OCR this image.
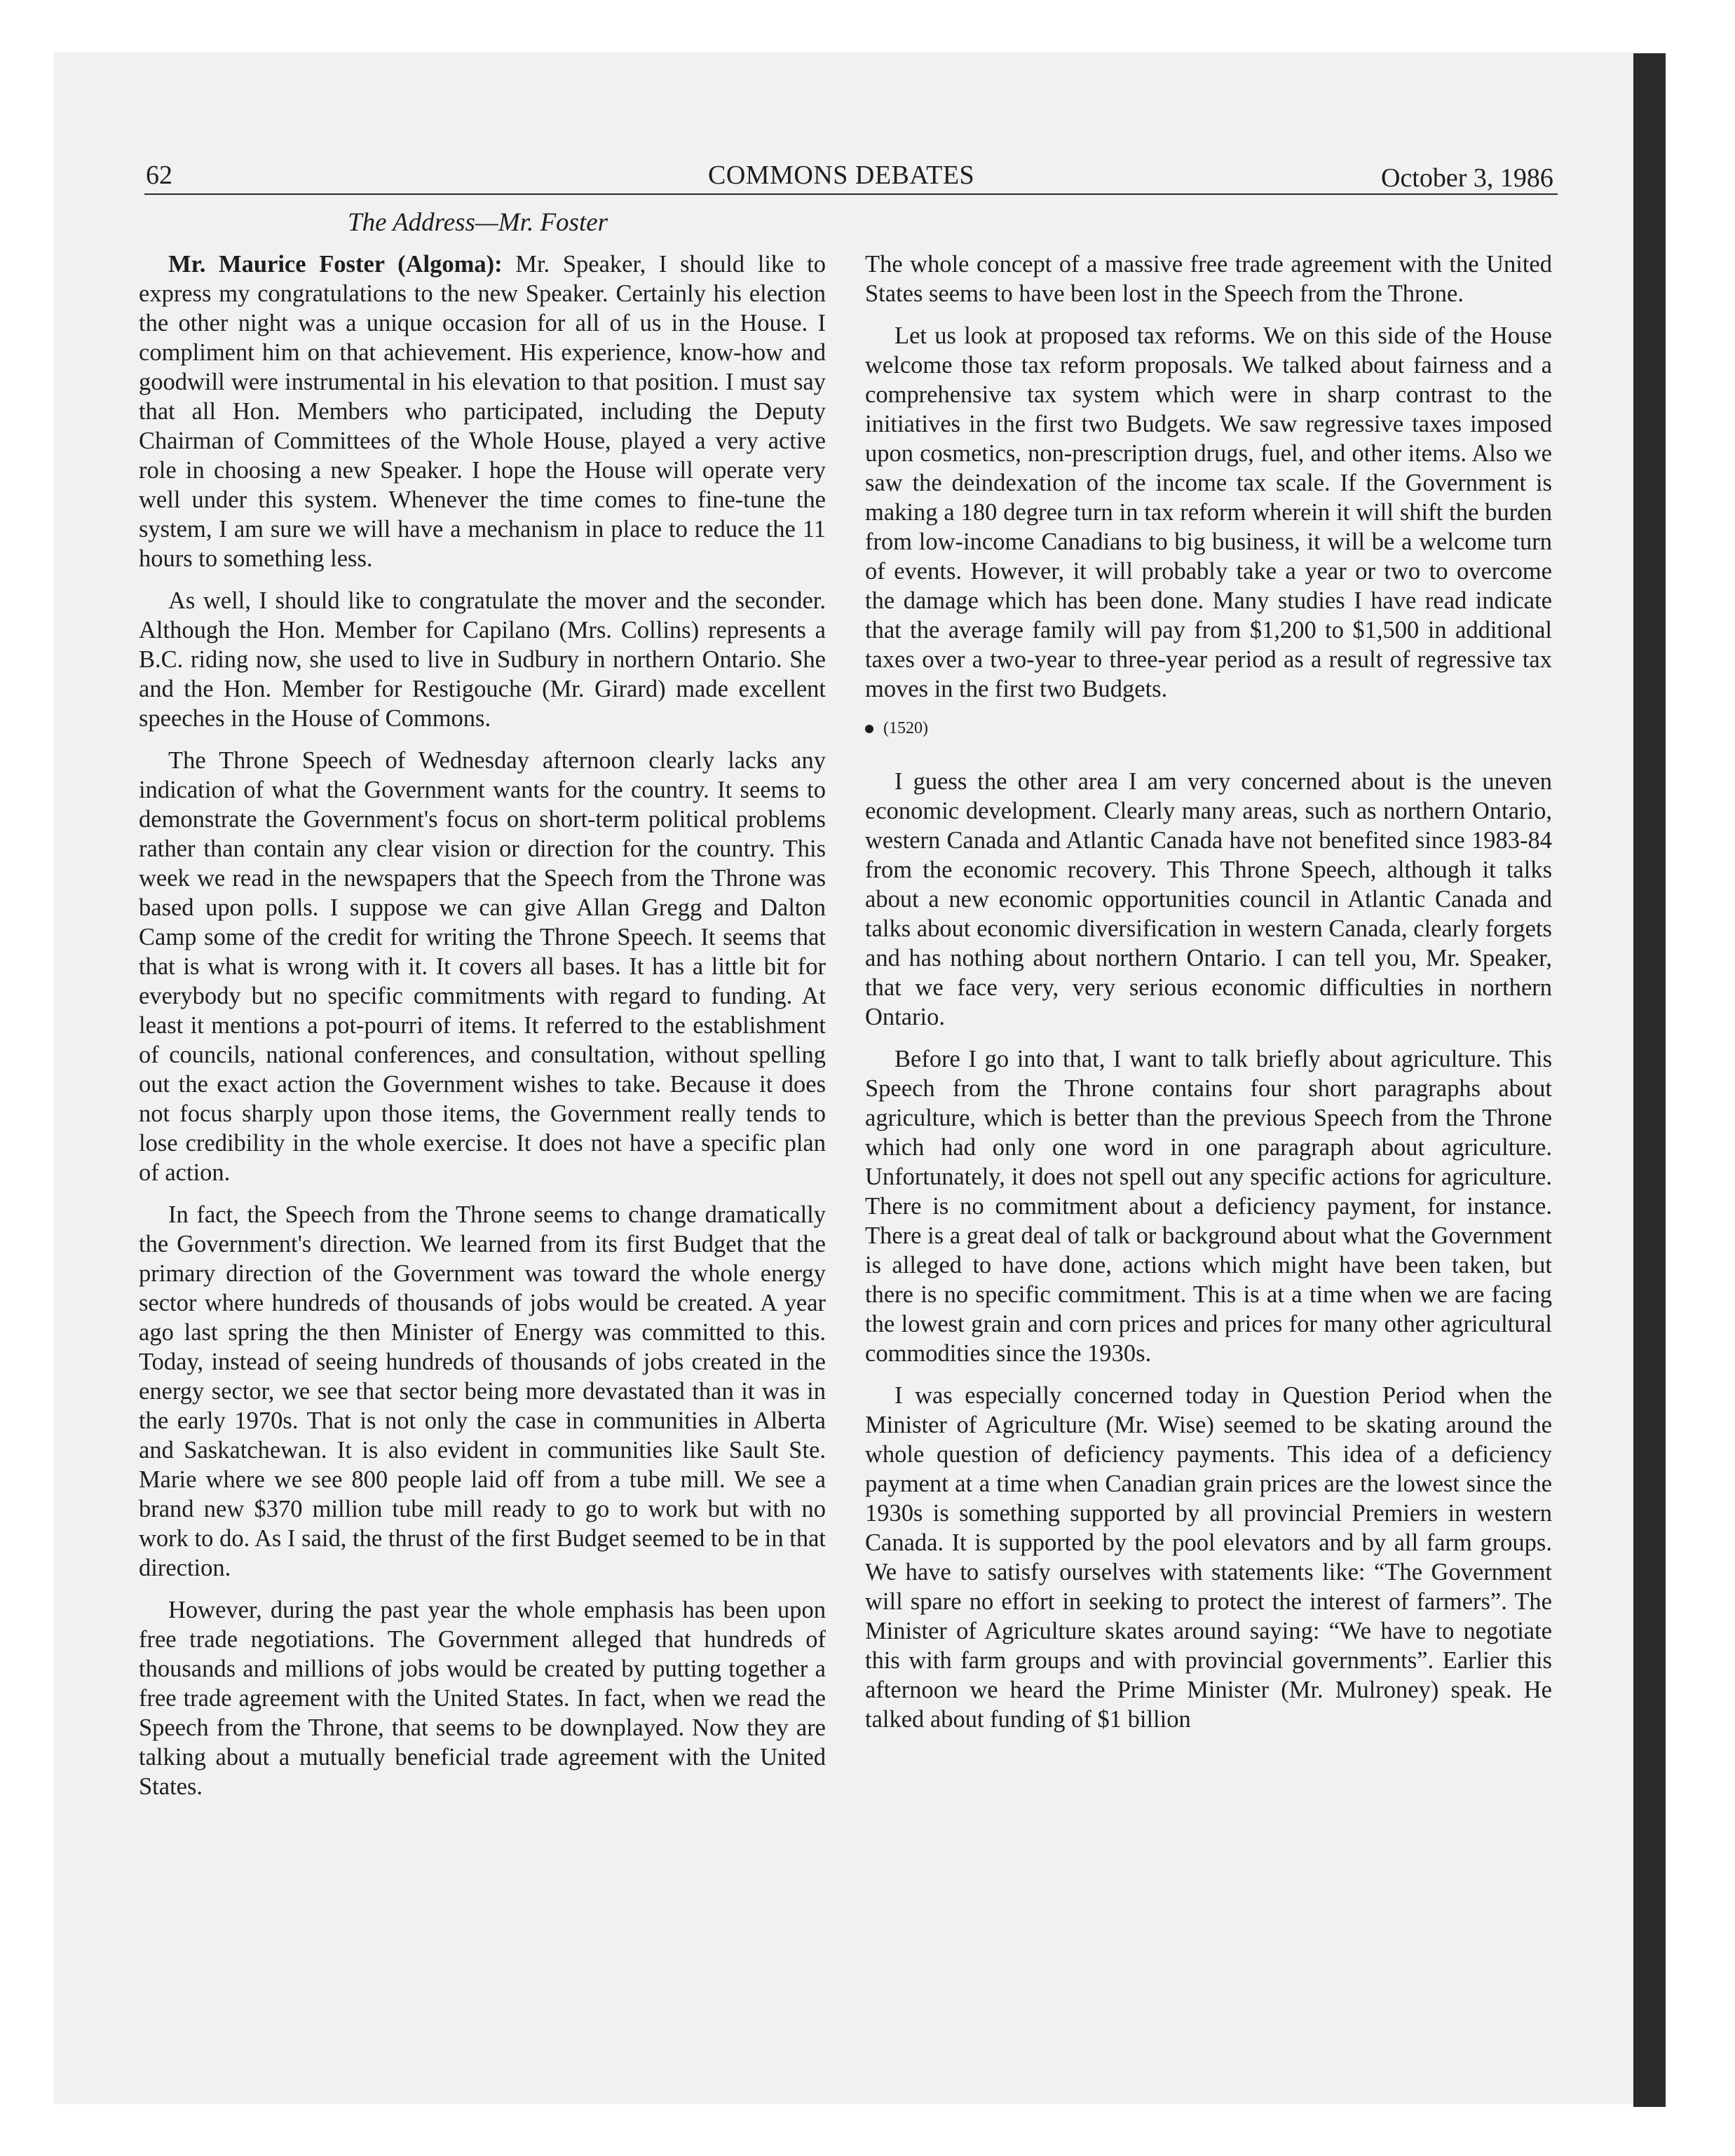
62	COMMONS DEBATES	October 3, 1986
The Address—Mr. Foster

Mr. Maurice Foster (Algoma): Mr. Speaker, I should like to express my congratulations to the new Speaker. Certainly his election the other night was a unique occasion for all of us in the House. I compliment him on that achievement. His experience, know-how and goodwill were instrumental in his elevation to that position. I must say that all Hon. Members who participated, including the Deputy Chairman of Committees of the Whole House, played a very active role in choosing a new Speaker. I hope the House will operate very well under this system. Whenever the time comes to fine-tune the system, I am sure we will have a mechanism in place to reduce the 11 hours to something less.

As well, I should like to congratulate the mover and the seconder. Although the Hon. Member for Capilano (Mrs. Collins) represents a B.C. riding now, she used to live in Sudbury in northern Ontario. She and the Hon. Member for Restigouche (Mr. Girard) made excellent speeches in the House of Commons.

The Throne Speech of Wednesday afternoon clearly lacks any indication of what the Government wants for the country. It seems to demonstrate the Government's focus on short-term political problems rather than contain any clear vision or direction for the country. This week we read in the newspapers that the Speech from the Throne was based upon polls. I suppose we can give Allan Gregg and Dalton Camp some of the credit for writing the Throne Speech. It seems that that is what is wrong with it. It covers all bases. It has a little bit for everybody but no specific commitments with regard to funding. At least it mentions a pot-pourri of items. It referred to the establishment of councils, national conferences, and consultation, without spelling out the exact action the Government wishes to take. Because it does not focus sharply upon those items, the Government really tends to lose credibility in the whole exercise. It does not have a specific plan of action.

In fact, the Speech from the Throne seems to change dramatically the Government's direction. We learned from its first Budget that the primary direction of the Government was toward the whole energy sector where hundreds of thousands of jobs would be created. A year ago last spring the then Minister of Energy was committed to this. Today, instead of seeing hundreds of thousands of jobs created in the energy sector, we see that sector being more devastated than it was in the early 1970s. That is not only the case in communities in Alberta and Saskatchewan. It is also evident in communities like Sault Ste. Marie where we see 800 people laid off from a tube mill. We see a brand new $370 million tube mill ready to go to work but with no work to do. As I said, the thrust of the first Budget seemed to be in that direction.

However, during the past year the whole emphasis has been upon free trade negotiations. The Government alleged that hundreds of thousands and millions of jobs would be created by putting together a free trade agreement with the United States. In fact, when we read the Speech from the Throne, that seems to be downplayed. Now they are talking about a mutually beneficial trade agreement with the United States.

The whole concept of a massive free trade agreement with the United States seems to have been lost in the Speech from the Throne.

Let us look at proposed tax reforms. We on this side of the House welcome those tax reform proposals. We talked about fairness and a comprehensive tax system which were in sharp contrast to the initiatives in the first two Budgets. We saw regressive taxes imposed upon cosmetics, non-prescription drugs, fuel, and other items. Also we saw the deindexation of the income tax scale. If the Government is making a 180 degree turn in tax reform wherein it will shift the burden from low-income Canadians to big business, it will be a welcome turn of events. However, it will probably take a year or two to overcome the damage which has been done. Many studies I have read indicate that the average family will pay from $1,200 to $1,500 in additional taxes over a two-year to three-year period as a result of regressive tax moves in the first two Budgets.

(1520)

I guess the other area I am very concerned about is the uneven economic development. Clearly many areas, such as northern Ontario, western Canada and Atlantic Canada have not benefited since 1983-84 from the economic recovery. This Throne Speech, although it talks about a new economic opportunities council in Atlantic Canada and talks about economic diversification in western Canada, clearly forgets and has nothing about northern Ontario. I can tell you, Mr. Speaker, that we face very, very serious economic difficulties in northern Ontario.

Before I go into that, I want to talk briefly about agriculture. This Speech from the Throne contains four short paragraphs about agriculture, which is better than the previous Speech from the Throne which had only one word in one paragraph about agriculture. Unfortunately, it does not spell out any specific actions for agriculture. There is no commitment about a deficiency payment, for instance. There is a great deal of talk or background about what the Government is alleged to have done, actions which might have been taken, but there is no specific commitment. This is at a time when we are facing the lowest grain and corn prices and prices for many other agricultural commodities since the 1930s.

I was especially concerned today in Question Period when the Minister of Agriculture (Mr. Wise) seemed to be skating around the whole question of deficiency payments. This idea of a deficiency payment at a time when Canadian grain prices are the lowest since the 1930s is something supported by all provincial Premiers in western Canada. It is supported by the pool elevators and by all farm groups. We have to satisfy ourselves with statements like: “The Government will spare no effort in seeking to protect the interest of farmers”. The Minister of Agriculture skates around saying: “We have to negotiate this with farm groups and with provincial governments”. Earlier this afternoon we heard the Prime Minister (Mr. Mulroney) speak. He talked about funding of $1 billion
